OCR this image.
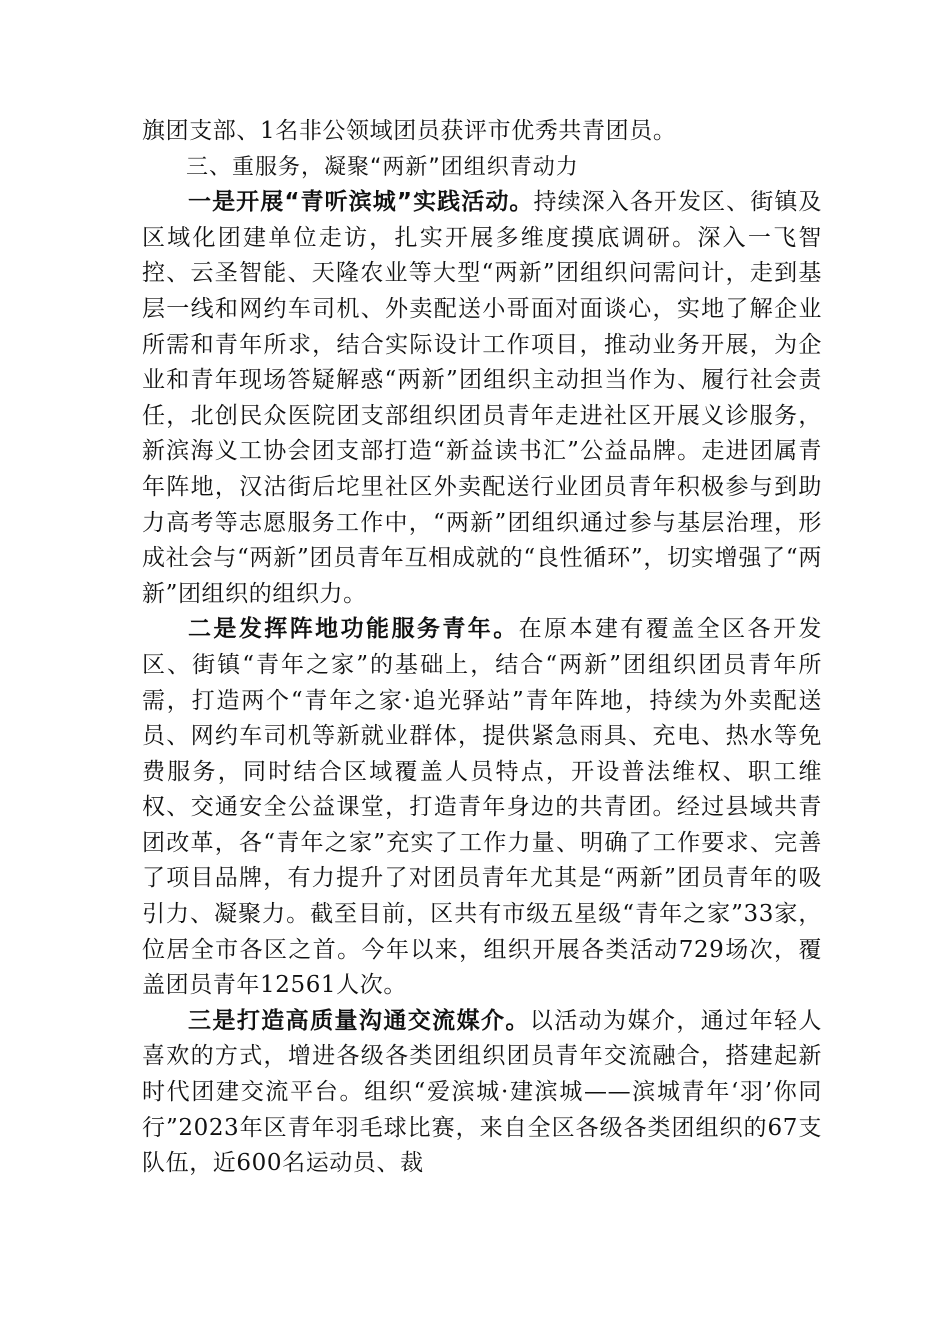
旗团支部、1名非公领域团员获评市优秀共青团员。

三、重服务，凝聚“两新”团组织青动力

一是开展“青听滨城”实践活动。持续深入各开发区、街镇及区域化团建单位走访，扎实开展多维度摸底调研。深入一飞智控、云圣智能、天隆农业等大型“两新”团组织问需问计，走到基层一线和网约车司机、外卖配送小哥面对面谈心，实地了解企业所需和青年所求，结合实际设计工作项目，推动业务开展，为企业和青年现场答疑解惑“两新”团组织主动担当作为、履行社会责任，北创民众医院团支部组织团员青年走进社区开展义诊服务，新滨海义工协会团支部打造“新益读书汇”公益品牌。走进团属青年阵地，汉沽街后坨里社区外卖配送行业团员青年积极参与到助力高考等志愿服务工作中，“两新”团组织通过参与基层治理，形成社会与“两新”团员青年互相成就的“良性循环”，切实增强了“两新”团组织的组织力。

二是发挥阵地功能服务青年。在原本建有覆盖全区各开发区、街镇“青年之家”的基础上，结合“两新”团组织团员青年所需，打造两个“青年之家·追光驿站”青年阵地，持续为外卖配送员、网约车司机等新就业群体，提供紧急雨具、充电、热水等免费服务，同时结合区域覆盖人员特点，开设普法维权、职工维权、交通安全公益课堂，打造青年身边的共青团。经过县域共青团改革，各“青年之家”充实了工作力量、明确了工作要求、完善了项目品牌，有力提升了对团员青年尤其是“两新”团员青年的吸引力、凝聚力。截至目前，区共有市级五星级“青年之家”33家，位居全市各区之首。今年以来，组织开展各类活动729场次，覆盖团员青年12561人次。

三是打造高质量沟通交流媒介。以活动为媒介，通过年轻人喜欢的方式，增进各级各类团组织团员青年交流融合，搭建起新时代团建交流平台。组织“爱滨城·建滨城——滨城青年‘羽’你同行”2023年区青年羽毛球比赛，来自全区各级各类团组织的67支队伍，近600名运动员、裁
